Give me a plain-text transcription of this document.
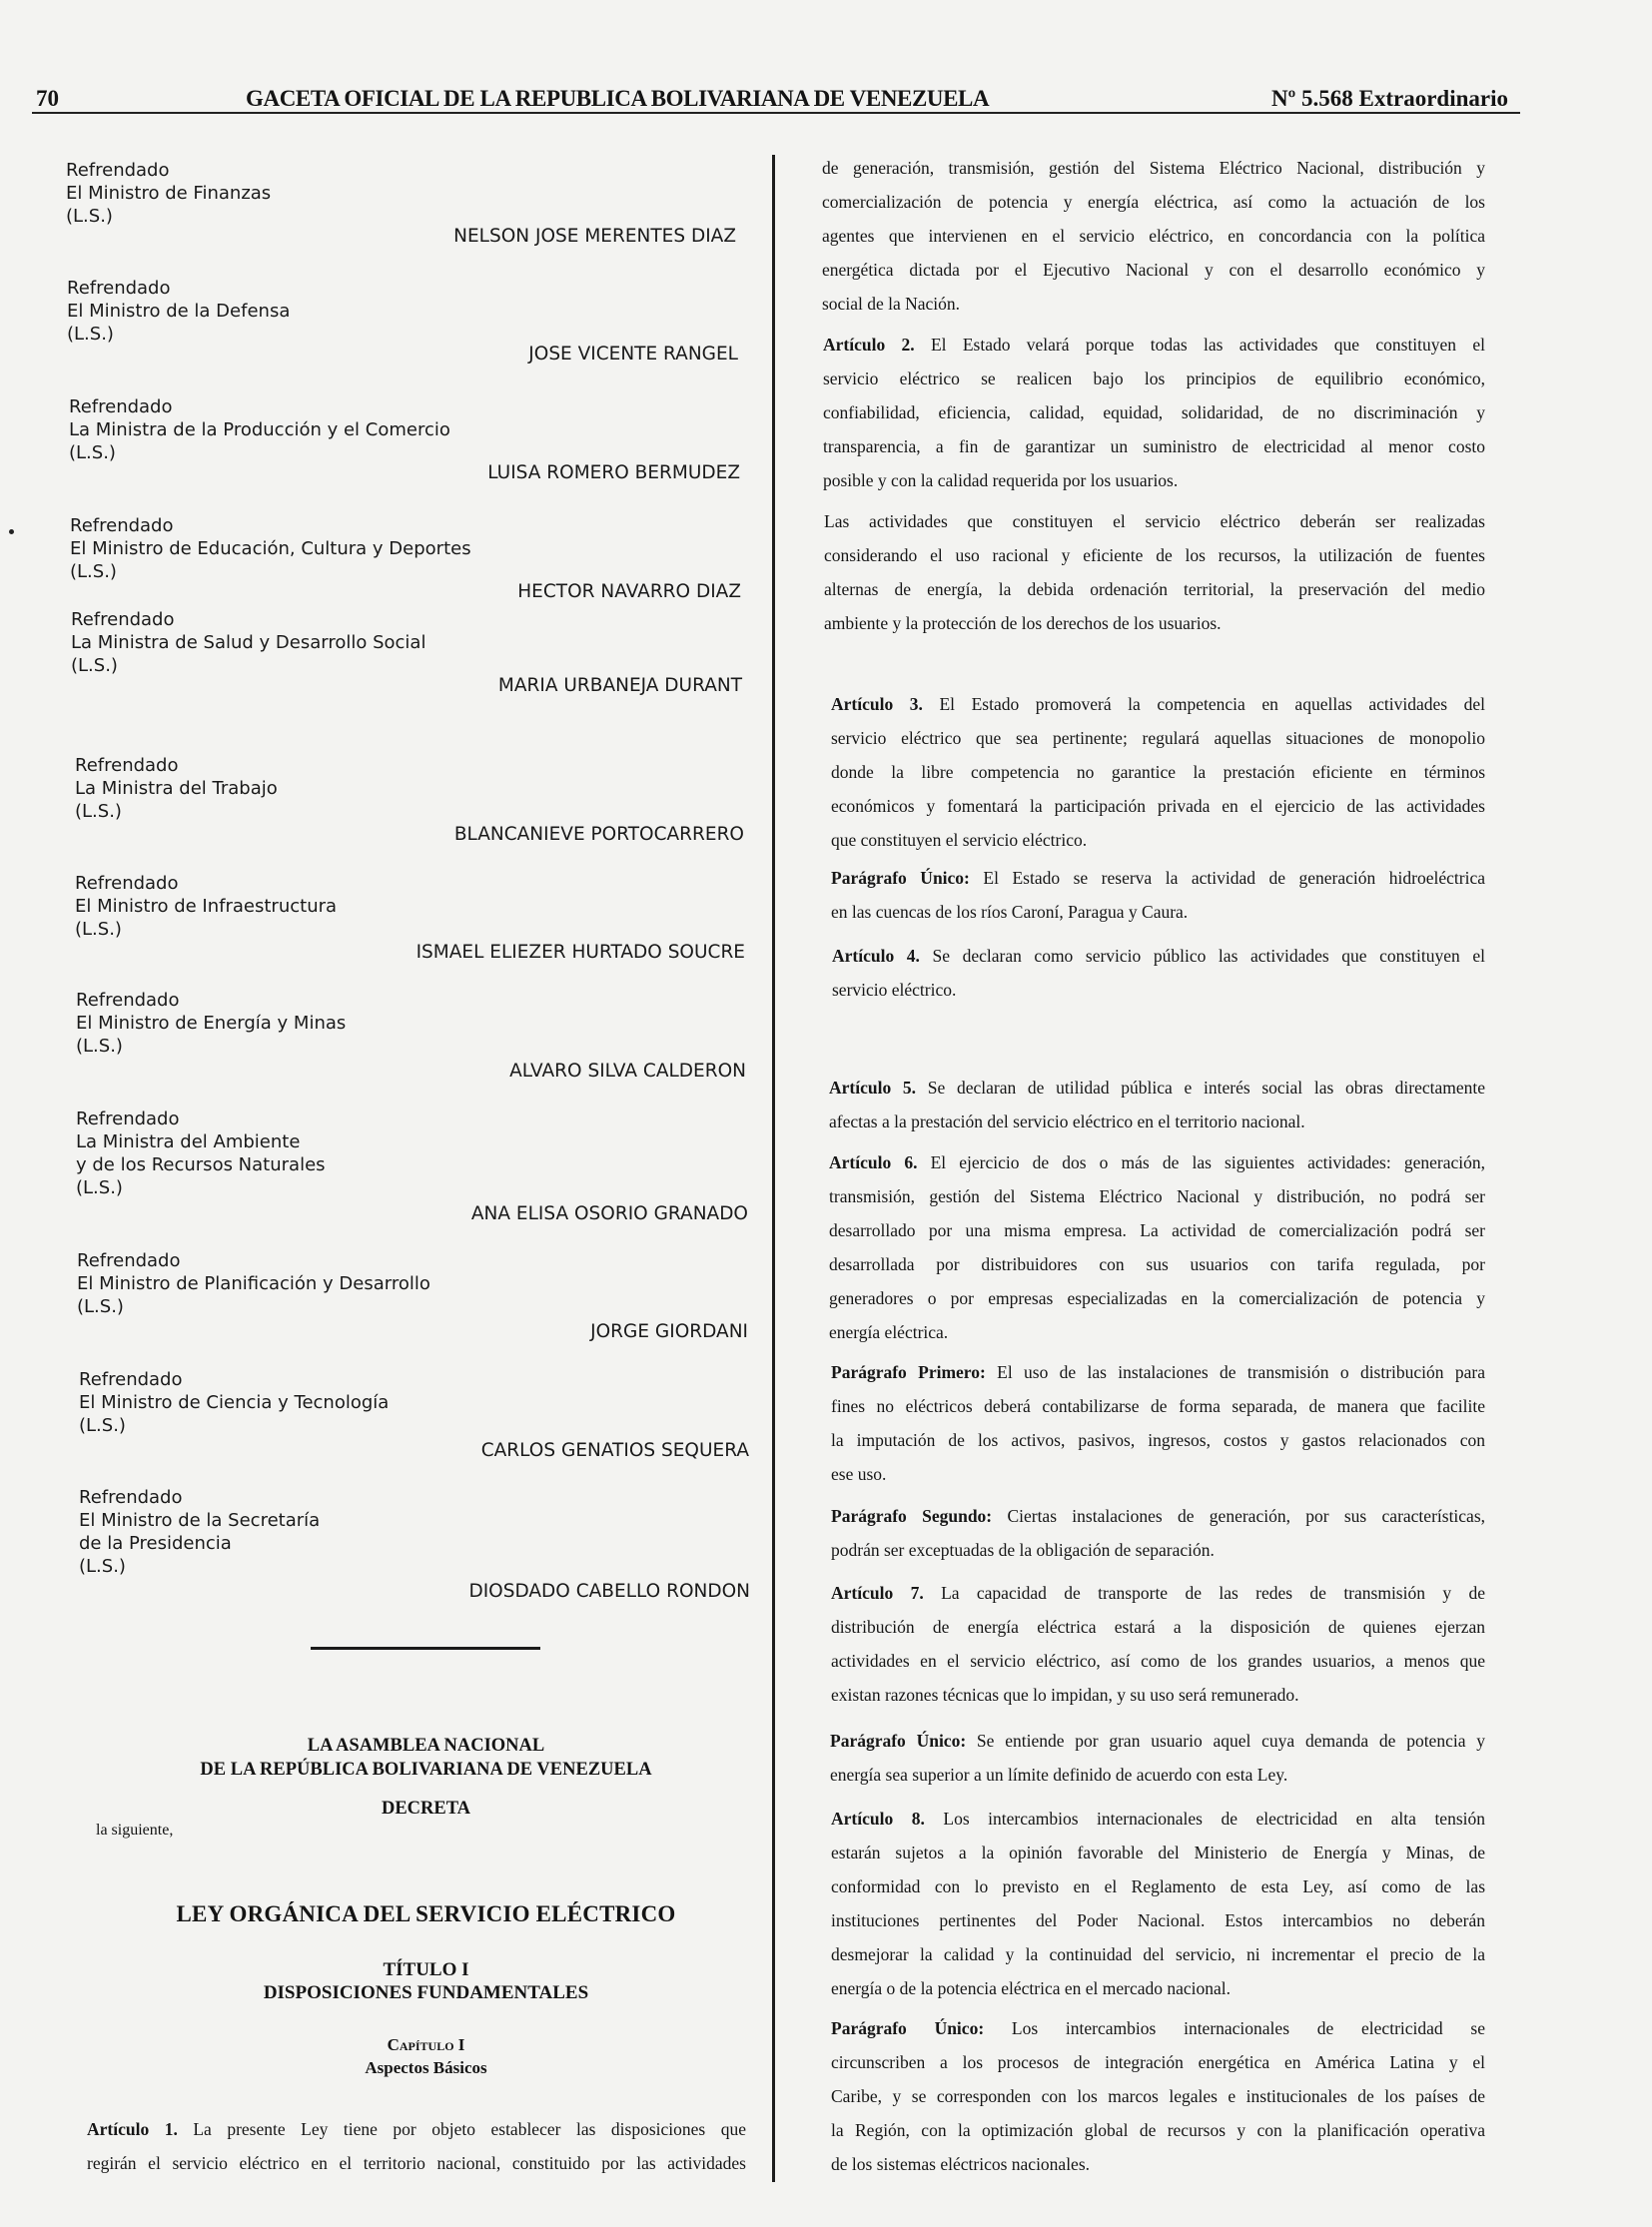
70	GACETA OFICIAL DE LA REPUBLICA BOLIVARIANA DE VENEZUELA	Nº 5.568 Extraordinario
Refrendado
El Ministro de Finanzas
(L.S.)
NELSON JOSE MERENTES DIAZ
Refrendado
El Ministro de la Defensa
(L.S.)
JOSE VICENTE RANGEL
Refrendado
La Ministra de la Producción y el Comercio
(L.S.)
LUISA ROMERO BERMUDEZ
Refrendado
El Ministro de Educación, Cultura y Deportes
(L.S.)
HECTOR NAVARRO DIAZ
Refrendado
La Ministra de Salud y Desarrollo Social
(L.S.)
MARIA URBANEJA DURANT
Refrendado
La Ministra del Trabajo
(L.S.)
BLANCANIEVE PORTOCARRERO
Refrendado
El Ministro de Infraestructura
(L.S.)
ISMAEL ELIEZER HURTADO SOUCRE
Refrendado
El Ministro de Energía y Minas
(L.S.)
ALVARO SILVA CALDERON
Refrendado
La Ministra del Ambiente
y de los Recursos Naturales
(L.S.)
ANA ELISA OSORIO GRANADO
Refrendado
El Ministro de Planificación y Desarrollo
(L.S.)
JORGE GIORDANI
Refrendado
El Ministro de Ciencia y Tecnología
(L.S.)
CARLOS GENATIOS SEQUERA
Refrendado
El Ministro de la Secretaría
de la Presidencia
(L.S.)
DIOSDADO CABELLO RONDON
LA ASAMBLEA NACIONAL
DE LA REPÚBLICA BOLIVARIANA DE VENEZUELA
DECRETA
la siguiente,
LEY ORGÁNICA DEL SERVICIO ELÉCTRICO
TÍTULO I
DISPOSICIONES FUNDAMENTALES
Capítulo I
Aspectos Básicos
Artículo 1. La presente Ley tiene por objeto establecer las disposiciones que
regirán el servicio eléctrico en el territorio nacional, constituido por las actividades
de generación, transmisión, gestión del Sistema Eléctrico Nacional, distribución y
comercialización de potencia y energía eléctrica, así como la actuación de los
agentes que intervienen en el servicio eléctrico, en concordancia con la política
energética dictada por el Ejecutivo Nacional y con el desarrollo económico y
social de la Nación.
Artículo 2. El Estado velará porque todas las actividades que constituyen el
servicio eléctrico se realicen bajo los principios de equilibrio económico,
confiabilidad, eficiencia, calidad, equidad, solidaridad, de no discriminación y
transparencia, a fin de garantizar un suministro de electricidad al menor costo
posible y con la calidad requerida por los usuarios.
Las actividades que constituyen el servicio eléctrico deberán ser realizadas
considerando el uso racional y eficiente de los recursos, la utilización de fuentes
alternas de energía, la debida ordenación territorial, la preservación del medio
ambiente y la protección de los derechos de los usuarios.
Artículo 3. El Estado promoverá la competencia en aquellas actividades del
servicio eléctrico que sea pertinente; regulará aquellas situaciones de monopolio
donde la libre competencia no garantice la prestación eficiente en términos
económicos y fomentará la participación privada en el ejercicio de las actividades
que constituyen el servicio eléctrico.
Parágrafo Único: El Estado se reserva la actividad de generación hidroeléctrica
en las cuencas de los ríos Caroní, Paragua y Caura.
Artículo 4. Se declaran como servicio público las actividades que constituyen el
servicio eléctrico.
Artículo 5. Se declaran de utilidad pública e interés social las obras directamente
afectas a la prestación del servicio eléctrico en el territorio nacional.
Artículo 6. El ejercicio de dos o más de las siguientes actividades: generación,
transmisión, gestión del Sistema Eléctrico Nacional y distribución, no podrá ser
desarrollado por una misma empresa. La actividad de comercialización podrá ser
desarrollada por distribuidores con sus usuarios con tarifa regulada, por
generadores o por empresas especializadas en la comercialización de potencia y
energía eléctrica.
Parágrafo Primero: El uso de las instalaciones de transmisión o distribución para
fines no eléctricos deberá contabilizarse de forma separada, de manera que facilite
la imputación de los activos, pasivos, ingresos, costos y gastos relacionados con
ese uso.
Parágrafo Segundo: Ciertas instalaciones de generación, por sus características,
podrán ser exceptuadas de la obligación de separación.
Artículo 7. La capacidad de transporte de las redes de transmisión y de
distribución de energía eléctrica estará a la disposición de quienes ejerzan
actividades en el servicio eléctrico, así como de los grandes usuarios, a menos que
existan razones técnicas que lo impidan, y su uso será remunerado.
Parágrafo Único: Se entiende por gran usuario aquel cuya demanda de potencia y
energía sea superior a un límite definido de acuerdo con esta Ley.
Artículo 8. Los intercambios internacionales de electricidad en alta tensión
estarán sujetos a la opinión favorable del Ministerio de Energía y Minas, de
conformidad con lo previsto en el Reglamento de esta Ley, así como de las
instituciones pertinentes del Poder Nacional. Estos intercambios no deberán
desmejorar la calidad y la continuidad del servicio, ni incrementar el precio de la
energía o de la potencia eléctrica en el mercado nacional.
Parágrafo Único: Los intercambios internacionales de electricidad se
circunscriben a los procesos de integración energética en América Latina y el
Caribe, y se corresponden con los marcos legales e institucionales de los países de
la Región, con la optimización global de recursos y con la planificación operativa
de los sistemas eléctricos nacionales.
